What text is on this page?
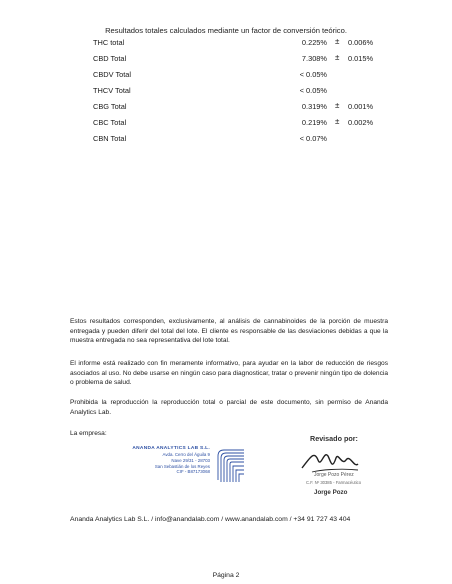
Resultados totales calculados mediante un factor de conversión teórico.
THC total	0.225% ± 0.006%
CBD Total	7.308% ± 0.015%
CBDV Total	< 0.05%
THCV Total	< 0.05%
CBG Total	0.319% ± 0.001%
CBC Total	0.219% ± 0.002%
CBN Total	< 0.07%

Estos resultados corresponden, exclusivamente, al análisis de cannabinoides de la porción de muestra entregada y pueden diferir del total del lote. El cliente es responsable de las desviaciones debidas a que la muestra entregada no sea representativa del lote total.

El informe está realizado con fin meramente informativo, para ayudar en la labor de reducción de riesgos asociados al uso. No debe usarse en ningún caso para diagnosticar, tratar o prevenir ningún tipo de dolencia o problema de salud.

Prohibida la reproducción la reproducción total o parcial de este documento, sin permiso de Ananda Analytics Lab.

La empresa:
ANANDA ANALYTICS LAB S.L.
Avda. Cerro del Águila 9
Nave 29/31 - 28703
San Sebastián de los Reyes
CIF - B87173068
Revisado por:
Jorge Pozo Pérez
C.F. Nº 30385 - Farmacéutico
Jorge Pozo
Ananda Analytics Lab S.L. / info@anandalab.com / www.anandalab.com / +34 91 727 43 404
Página 2
